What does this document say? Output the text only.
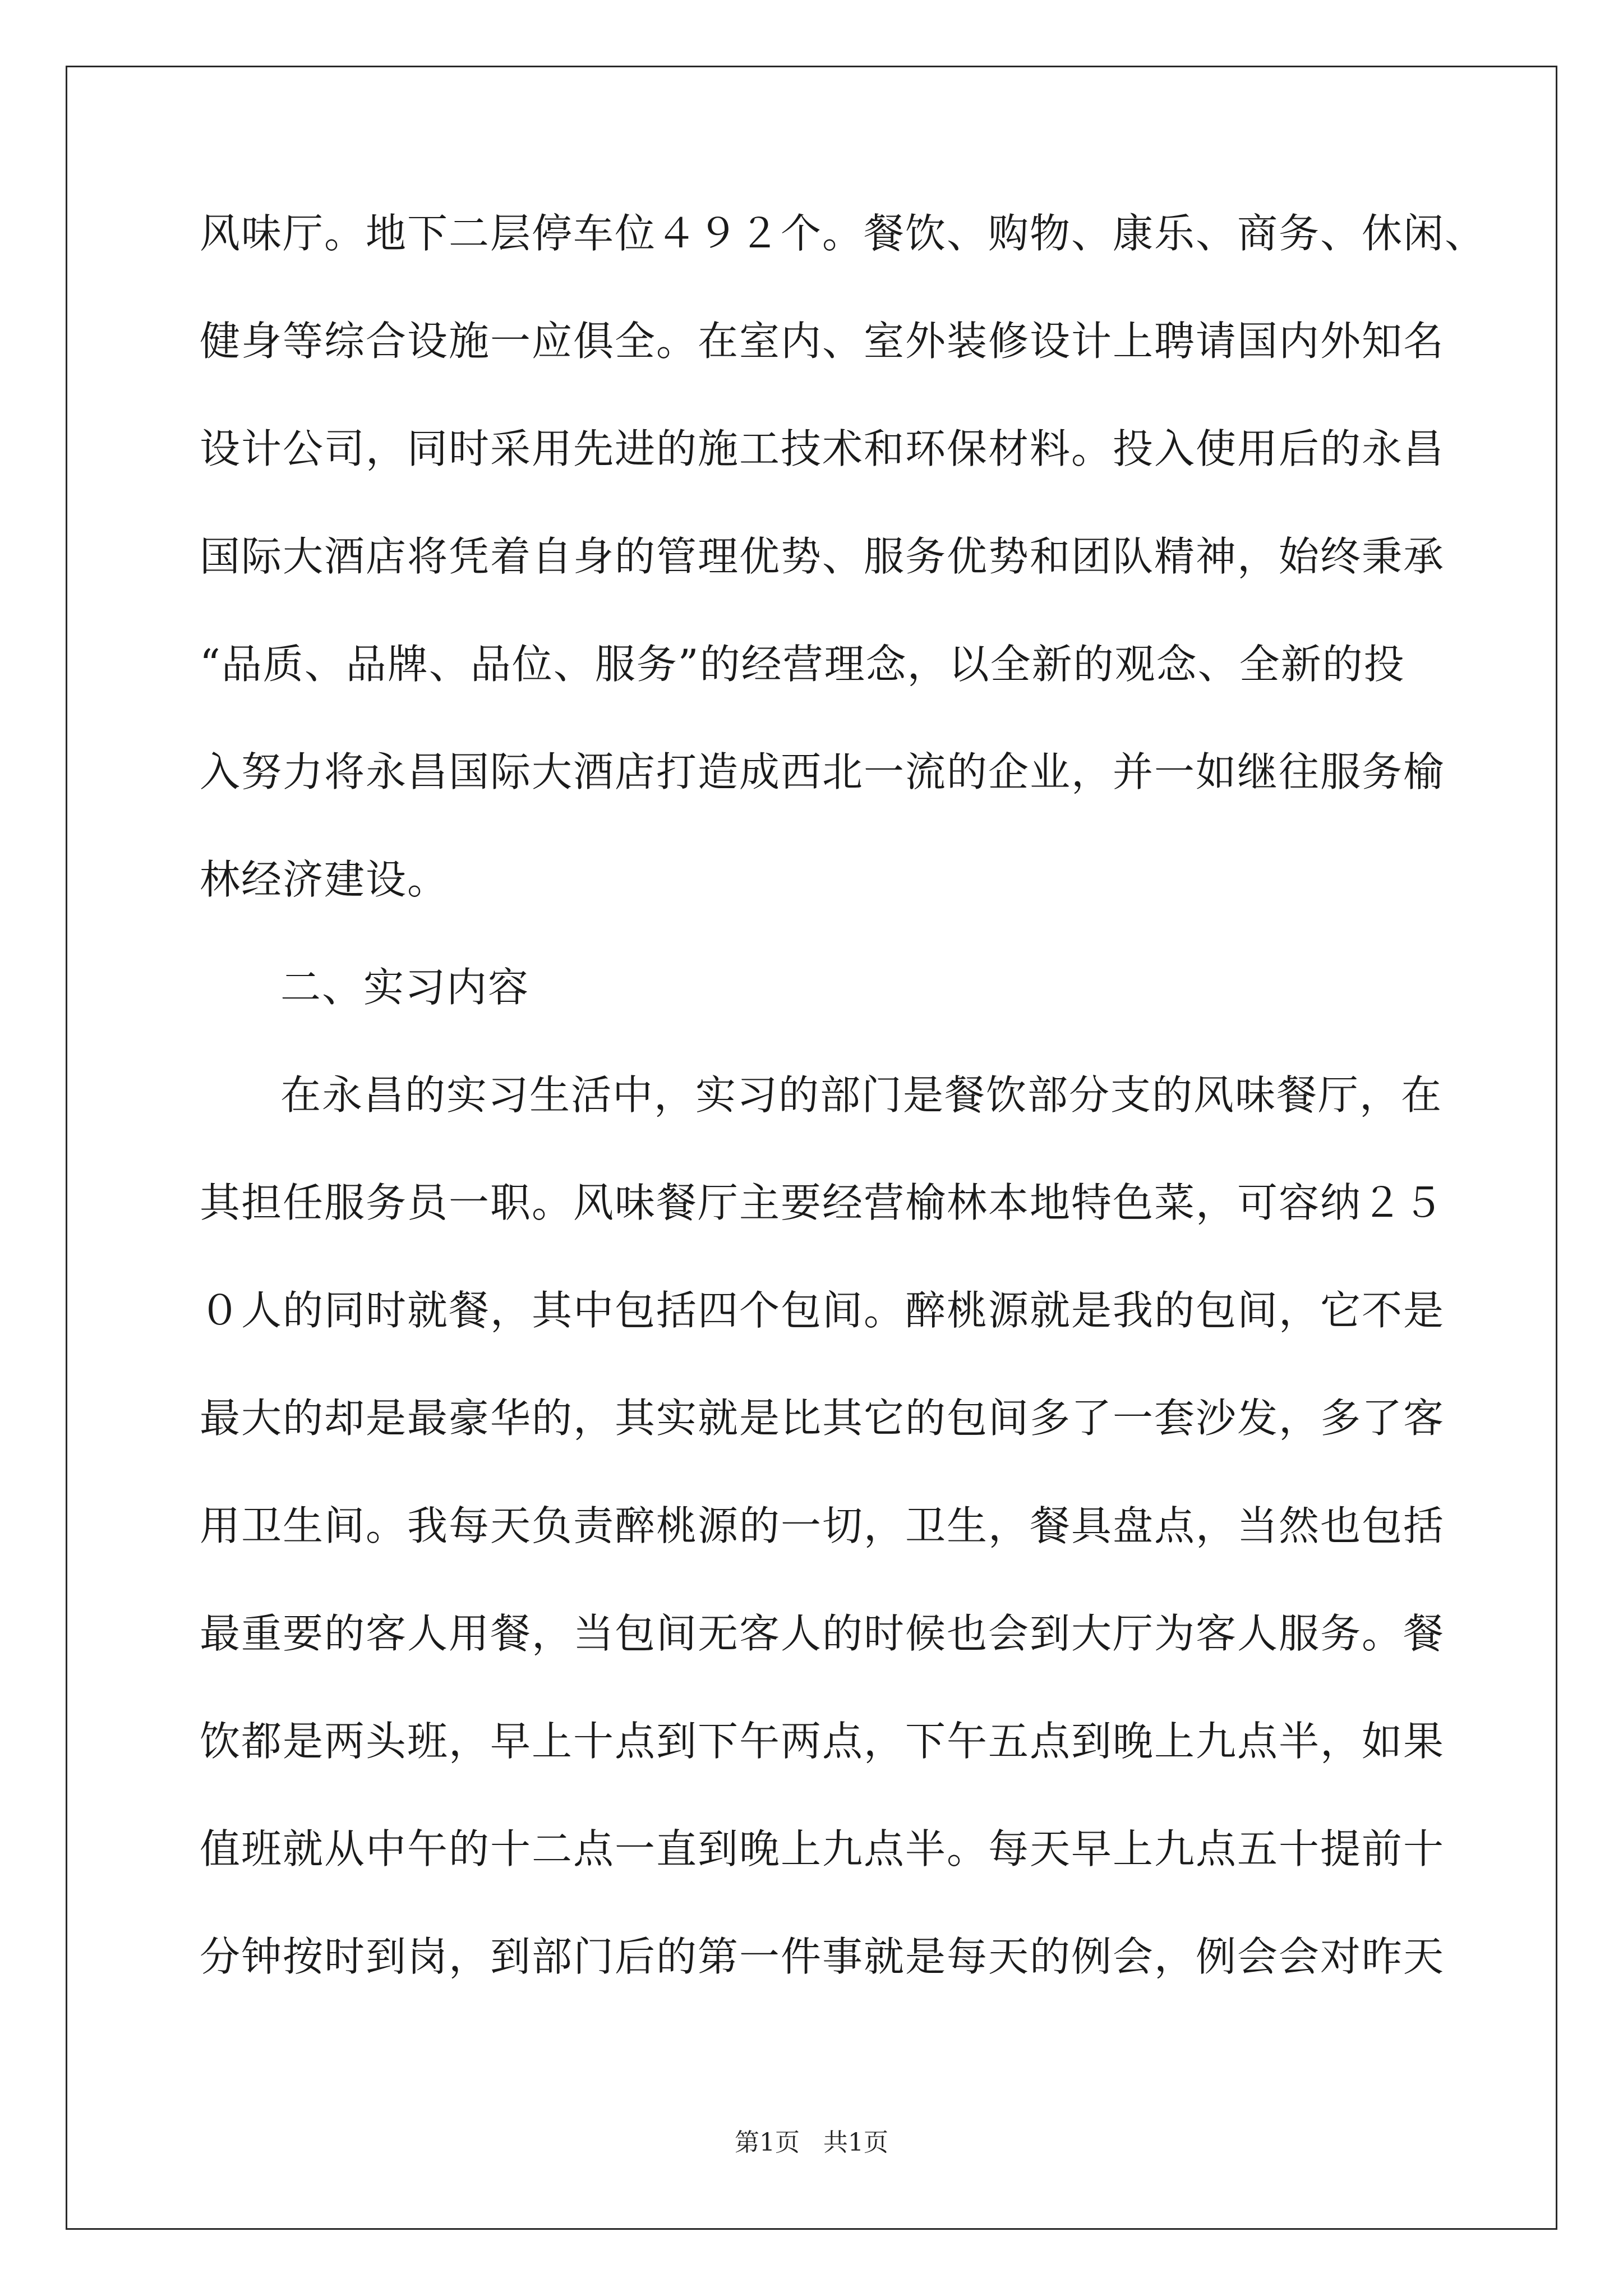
风味厅。地下二层停车位４９２个。餐饮、购物、康乐、商务、休闲、
健身等综合设施一应俱全。在室内、室外装修设计上聘请国内外知名
设计公司，同时采用先进的施工技术和环保材料。投入使用后的永昌
国际大酒店将凭着自身的管理优势、服务优势和团队精神，始终秉承
“品质、品牌、品位、服务”的经营理念，以全新的观念、全新的投
入努力将永昌国际大酒店打造成西北一流的企业，并一如继往服务榆
林经济建设。
二、实习内容
在永昌的实习生活中，实习的部门是餐饮部分支的风味餐厅，在
其担任服务员一职。风味餐厅主要经营榆林本地特色菜，可容纳２５
０人的同时就餐，其中包括四个包间。醉桃源就是我的包间，它不是
最大的却是最豪华的，其实就是比其它的包间多了一套沙发，多了客
用卫生间。我每天负责醉桃源的一切，卫生，餐具盘点，当然也包括
最重要的客人用餐，当包间无客人的时候也会到大厅为客人服务。餐
饮都是两头班，早上十点到下午两点，下午五点到晚上九点半，如果
值班就从中午的十二点一直到晚上九点半。每天早上九点五十提前十
分钟按时到岗，到部门后的第一件事就是每天的例会，例会会对昨天
第1页 共1页
